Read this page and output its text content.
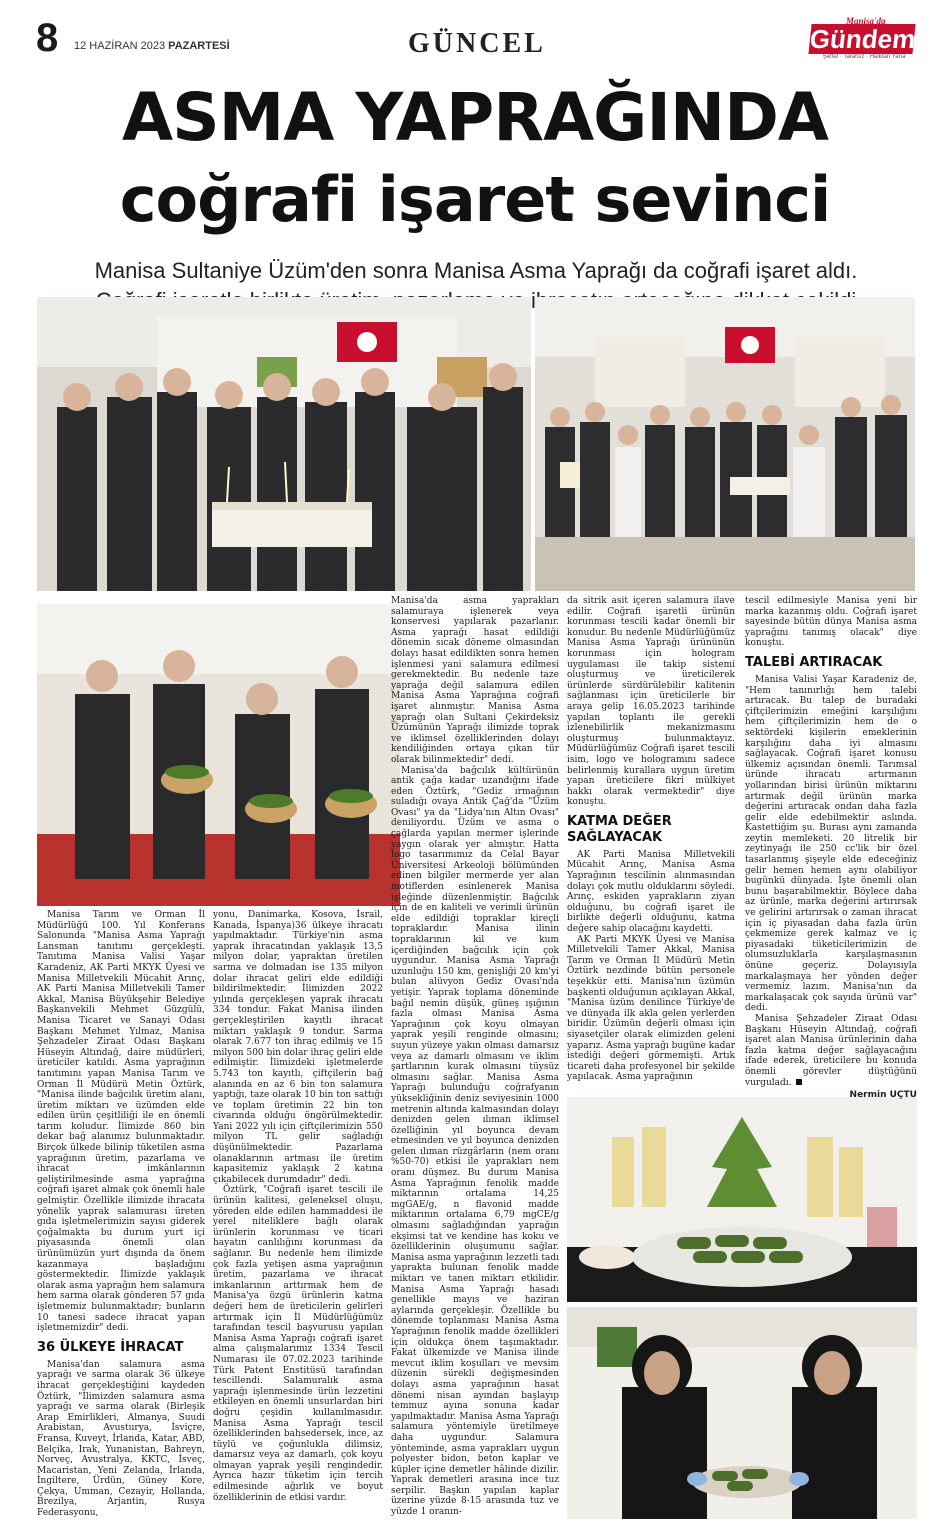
8 12 HAZİRAN 2023 PAZARTESİ	GÜNCEL	Gündem
Manisa'da
Şeffaf · Tarafsız · Halktan Yana
ASMA YAPRAĞINDA
coğrafi işaret sevinci
Manisa Sultaniye Üzüm'den sonra Manisa Asma Yaprağı da coğrafi işaret aldı.

Manisa Tarım ve Orman İl Müdürlüğü 100. Yıl Konferans Salonunda "Manisa Asma Yaprağı Lansman tanıtımı gerçekleşti. Tanıtıma Manisa Valisi Yaşar Karadeniz, AK Parti MKYK Üyesi ve Manisa Milletvekili Mücahit Arınç, AK Parti Manisa Milletvekili Tamer Akkal, Manisa Büyükşehir Belediye Başkanvekili Mehmet Güzgülü, Manisa Ticaret ve Sanayi Odası Başkanı Mehmet Yılmaz, Manisa Şehzadeler Ziraat Odası Başkanı Hüseyin Altındağ, daire müdürleri, üreticiler katıldı. Asma yaprağının tanıtımını yapan Manisa Tarım ve Orman İl Müdürü Metin Öztürk, "Manisa ilinde bağcılık üretim alanı, üretim miktarı ve üzümden elde edilen ürün çeşitliliği ile en önemli tarım koludur. İlimizde 860 bin dekar bağ alanımız bulunmaktadır. Birçok ülkede bilinip tüketilen asma yaprağının üretim, pazarlama ve ihracat imkânlarının geliştirilmesinde asma yaprağına coğrafi işaret almak çok önemli hale gelmiştir. Özellikle ilimizde ihracata yönelik yaprak salamurası üreten gıda işletmelerimizin sayısı giderek çoğalmakta bu durum yurt içi piyasasında önemli olan ürünümüzün yurt dışında da önem kazanmaya başladığını göstermektedir. İlimizde yaklaşık olarak asma yaprağın hem salamura hem sarma olarak gönderen 57 gıda işletmemiz bulunmaktadır; bunların 10 tanesi sadece ihracat yapan işletmemizdir" dedi.

36 ÜLKEYE İHRACAT

Manisa'dan salamura asma yaprağı ve sarma olarak 36 ülkeye ihracat gerçekleştiğini kaydeden Öztürk, "İlimizden salamura asma yaprağı ve sarma olarak (Birleşik Arap Emirlikleri, Almanya, Suudi Arabistan, Avusturya, İsviçre, Fransa, Kuveyt, İrlanda, Katar, ABD, Belçika, Irak, Yunanistan, Bahreyn, Norveç, Avustralya, KKTC, İsveç, Macaristan, Yeni Zelanda, İrlanda, İngiltere, Ürdün, Güney Kore, Çekya, Umman, Cezayir, Hollanda, Brezilya, Arjantin, Rusya Federasyonu,

yonu, Danimarka, Kosova, İsrail, Kanada, İspanya)36 ülkeye ihracatı yapılmaktadır. Türkiye'nin asma yaprak ihracatından yaklaşık 13,5 milyon dolar, yapraktan üretilen sarma ve dolmadan ise 135 milyon dolar ihracat geliri elde edildiği bildirilmektedir. İlimizden 2022 yılında gerçekleşen yaprak ihracatı 334 tondur. Fakat Manisa ilinden gerçekleştirilen kayıtlı ihracat miktarı yaklaşık 9 tondur. Sarma olarak 7.677 ton ihraç edilmiş ve 15 milyon 500 bin dolar ihraç geliri elde edilmiştir. İlimizdeki işletmelerde 5.743 ton kayıtlı, çiftçilerin bağ alanında en az 6 bin ton salamura yaptığı, taze olarak 10 bin ton sattığı ve toplam üretimin 22 bin ton civarında olduğu öngörülmektedir. Yani 2022 yılı için çiftçilerimizin 550 milyon TL gelir sağladığı düşünülmektedir. Pazarlama olanaklarının artması ile üretim kapasitemiz yaklaşık 2 katına çıkabilecek durumdadır" dedi.

Öztürk, "Coğrafi işaret tescili ile ürünün kalitesi, geleneksel oluşu, yöreden elde edilen hammaddesi ile yerel niteliklere bağlı olarak ürünlerin korunması ve ticari hayatın canlılığını korunması da sağlanır. Bu nedenle hem ilimizde çok fazla yetişen asma yaprağının üretim, pazarlama ve ihracat imkanlarının arttırmak hem de Manisa'ya özgü ürünlerin katma değeri hem de üreticilerin gelirleri artırmak için İl Müdürlüğümüz tarafından tescil başvurusu yapılan Manisa Asma Yaprağı coğrafi işaret alma çalışmalarımız 1334 Tescil Numarası ile 07.02.2023 tarihinde Türk Patent Enstitüsü tarafından tescillendi. Salamuralık asma yaprağı işlenmesinde ürün lezzetini etkileyen en önemli unsurlardan biri doğru çeşidin kullanılmasıdır. Manisa Asma Yaprağı tescil özelliklerinden bahsedersek, ince, az tüylü ve çoğunlukla dilimsiz, damarsız veya az damarlı, çok koyu olmayan yaprak yeşili rengindedir. Ayrıca hazır tüketim için tercih edilmesinde ağırlık ve boyut özelliklerinin de etkisi vardır.

Manisa'da asma yaprakları salamuraya işlenerek veya konservesi yapılarak pazarlanır. Asma yaprağı hasat edildiği dönemin sıcak döneme olmasından dolayı hasat edildikten sonra hemen işlenmesi yani salamura edilmesi gerekmektedir. Bu nedenle taze yaprağa değil salamura edilen Manisa Asma Yaprağına coğrafi işaret alınmıştır. Manisa Asma yaprağı olan Sultani Çekirdeksiz Üzümünün Yaprağı ilimizde toprak ve iklimsel özelliklerinden dolayı kendiliğinden ortaya çıkan tür olarak bilinmektedir" dedi.

Manisa'da bağcılık kültürünün antik çağa kadar uzandığını ifade eden Öztürk, "Gediz ırmağının suladığı ovaya Antik Çağ'da "Üzüm Ovası" ya da "Lidya'nın Altın Ovası" deniliyordu. Üzüm ve asma o çağlarda yapılan mermer işlerinde yaygın olarak yer almıştır. Hatta logo tasarımımız da Celal Bayar Üniversitesi Arkeoloji bölümünden edinen bilgiler mermerde yer alan motiflerden esinlenerek Manisa işleğinde düzenlenmiştir. Bağcılık için de en kaliteli ve verimli ürünün elde edildiği topraklar kireçli topraklardır. Manisa ilinin topraklarının kil ve kum içerdiğinden bağcılık için çok uygundur. Manisa Asma Yaprağı uzunluğu 150 km, genişliği 20 km'yi bulan alüvyon Gediz Ovası'nda yetişir. Yaprak toplama döneminde bağıl nemin düşük, güneş ışığının fazla olması Manisa Asma Yaprağının çok koyu olmayan yaprak yeşili renginde olmasını; suyun yüzeye yakın olması damarsız veya az damarlı olmasını ve iklim şartlarının kurak olmasını tüysüz olmasını sağlar. Manisa Asma Yaprağı bulunduğu coğrafyanın yüksekliğinin deniz seviyesinin 1000 metrenin altında kalmasından dolayı denizden gelen ılıman iklimsel özelliğinin yıl boyunca devam etmesinden ve yıl boyunca denizden gelen ılıman rüzgârların (nem oranı %50-70) etkisi ile yaprakları nem oranı düşmez. Bu durum Manisa Asma Yaprağının fenolik madde miktarının ortalama 14,25 mgGAE/g, n flavonid madde miktarının ortalama 6,79 mgCE/g olmasını sağladığından yaprağın ekşimsi tat ve kendine has koku ve özelliklerinin oluşumunu sağlar. Manisa asma yaprağının lezzetli tadı yaprakta bulunan fenolik madde miktarı ve tanen miktarı etkilidir. Manisa Asma Yaprağı hasadı genellikle mayıs ve haziran aylarında gerçekleşir. Özellikle bu dönemde toplanması Manisa Asma Yaprağının fenolik madde özellikleri için oldukça önem taşımaktadır. Fakat ülkemizde ve Manisa ilinde mevcut iklim koşulları ve mevsim düzenin sürekli değişmesinden dolayı asma yaprağının hasat dönemi nisan ayından başlayıp temmuz ayına sonuna kadar yapılmaktadır. Manisa Asma Yaprağı salamura yöntemiyle üretilmeye daha uygundur. Salamura yönteminde, asma yaprakları uygun polyester bidon, beton kaplar ve küpler içine demetler hâlinde dizilir. Yaprak demetleri arasına ince tuz serpilir. Başkın yapılan kaplar üzerine yüzde 8-15 arasında tuz ve yüzde 1 oranın-

da sitrik asit içeren salamura ilave edilir. Coğrafi işaretli ürünün korunması tescili kadar önemli bir konudur. Bu nedenle Müdürlüğümüz Manisa Asma Yaprağı ürününün korunması için hologram uygulaması ile takip sistemi oluşturmuş ve üreticilerek ürünlerde sürdürülebilir kalitenin sağlanması için üreticilerle bir araya gelip 16.05.2023 tarihinde yapılan toplantı ile gerekli izlenebilirlik mekanizmasını oluşturmuş bulunmaktayız. Müdürlüğümüz Coğrafi işaret tescili isim, logo ve hologramını sadece belirlenmiş kurallara uygun üretim yapan üreticilere fikri mülkiyet hakkı olarak vermektedir" diye konuştu.

KATMA DEĞER SAĞLAYACAK

AK Parti Manisa Milletvekili Mücahit Arınç, Manisa Asma Yaprağının tescilinin alınmasından dolayı çok mutlu olduklarını söyledi. Arınç, eskiden yaprakların ziyan olduğunu, bu coğrafi işaret ile birlikte değerli olduğunu, katma değere sahip olacağını kaydetti.

AK Parti MKYK Üyesi ve Manisa Milletvekili Tamer Akkal, Manisa Tarım ve Orman İl Müdürü Metin Öztürk nezdinde bütün personele teşekkür etti. Manisa'nın üzümün başkenti olduğunun açıklayan Akkal, "Manisa üzüm denilince Türkiye'de ve dünyada ilk akla gelen yerlerden biridir. Üzümün değerli olması için siyasetçiler olarak elimizden geleni yaparız. Asma yaprağı bugüne kadar istediği değeri görmemişti. Artık ticareti daha profesyonel bir şekilde yapılacak. Asma yaprağının

tescil edilmesiyle Manisa yeni bir marka kazanmış oldu. Coğrafi işaret sayesinde bütün dünya Manisa asma yaprağını tanımış olacak" diye konuştu.

TALEBİ ARTIRACAK

Manisa Valisi Yaşar Karadeniz de, "Hem tanınırlığı hem talebi artıracak. Bu talep de buradaki çiftçilerimizin emeğini karşılığını hem çiftçilerimizin hem de o sektördeki kişilerin emeklerinin karşılığını daha iyi almasını sağlayacak. Coğrafi işaret konusu ülkemiz açısından önemli. Tarımsal üründe ihracatı artırmanın yollarından birisi ürünün miktarını artırmak değil ürünün marka değerini artıracak ondan daha fazla gelir elde edebilmektir aslında. Kastettiğim şu. Burası aynı zamanda zeytin memleketi. 20 litrelik bir zeytinyağı ile 250 cc'lik bir özel tasarlanmış şişeyle elde edeceğiniz gelir hemen hemen aynı olabiliyor bugünkü dünyada. İşte önemli olan bunu başarabilmektir. Böylece daha az ürünle, marka değerini artırırsak ve gelirini artırırsak o zaman ihracat için iç piyasadan daha fazla ürün çekmemize gerek kalmaz ve iç piyasadaki tüketicilerimizin de olumsuzluklarla karşılaşmasının önüne geçeriz. Dolayısıyla markalaşmaya her yönden değer vermemiz lazım. Manisa'nın da markalaşacak çok sayıda ürünü var" dedi.

Manisa Şehzadeler Ziraat Odası Başkanı Hüseyin Altındağ, coğrafi işaret alan Manisa ürünlerinin daha fazla katma değer sağlayacağını ifade ederek, üreticilere bu konuda önemli görevler düştüğünü vurguladı.

Nermin UÇTU
